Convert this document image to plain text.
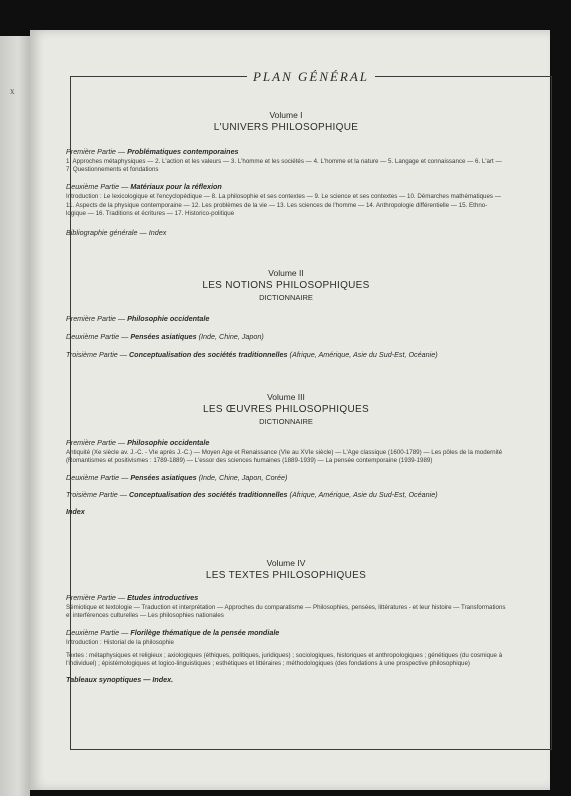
x
PLAN GÉNÉRAL

Volume I

L'UNIVERS PHILOSOPHIQUE

Première Partie — Problématiques contemporaines

1. Approches métaphysiques — 2. L'action et les valeurs — 3. L'homme et les sociétés — 4. L'homme et la nature — 5. Langage et connaissance — 6. L'art — 7. Questionnements et fondations

Deuxième Partie — Matériaux pour la réflexion

Introduction : Le lexicologique et l'encyclopédique — 8. La philosophie et ses contextes — 9. Le science et ses contextes — 10. Démarches mathématiques — 11. Aspects de la physique contemporaine — 12. Les problèmes de la vie — 13. Les sciences de l'homme — 14. Anthropologie différentielle — 15. Ethno-logique — 16. Traditions et écritures — 17. Historico-politique

Bibliographie générale — Index

Volume II

LES NOTIONS PHILOSOPHIQUES

DICTIONNAIRE

Première Partie — Philosophie occidentale

Deuxième Partie — Pensées asiatiques (Inde, Chine, Japon)

Troisième Partie — Conceptualisation des sociétés traditionnelles (Afrique, Amérique, Asie du Sud-Est, Océanie)

Volume III

LES ŒUVRES PHILOSOPHIQUES

DICTIONNAIRE

Première Partie — Philosophie occidentale

Antiquité (Xe siècle av. J.-C. - VIe après J.-C.) — Moyen Age et Renaissance (VIe au XVIe siècle) — L'Age classique (1600-1789) — Les pôles de la modernité (Romantismes et positivismes : 1789-1889) — L'essor des sciences humaines (1889-1939) — La pensée contemporaine (1939-1989)

Deuxième Partie — Pensées asiatiques (Inde, Chine, Japon, Corée)

Troisième Partie — Conceptualisation des sociétés traditionnelles (Afrique, Amérique, Asie du Sud-Est, Océanie)

Index

Volume IV

LES TEXTES PHILOSOPHIQUES

Première Partie — Etudes introductives

Sémiotique et textologie — Traduction et interprétation — Approches du comparatisme — Philosophies, pensées, littératures - et leur histoire — Transformations et interférences culturelles — Les philosophies nationales

Deuxième Partie — Florilège thématique de la pensée mondiale

Introduction : Historial de la philosophie

Textes : métaphysiques et religieux ; axiologiques (éthiques, politiques, juridiques) ; sociologiques, historiques et anthropologiques ; génétiques (du cosmique à l'individuel) ; épistémologiques et logico-linguistiques ; esthétiques et littéraires ; méthodologiques (des fondations à une prospective philosophique)

Tableaux synoptiques — Index.
